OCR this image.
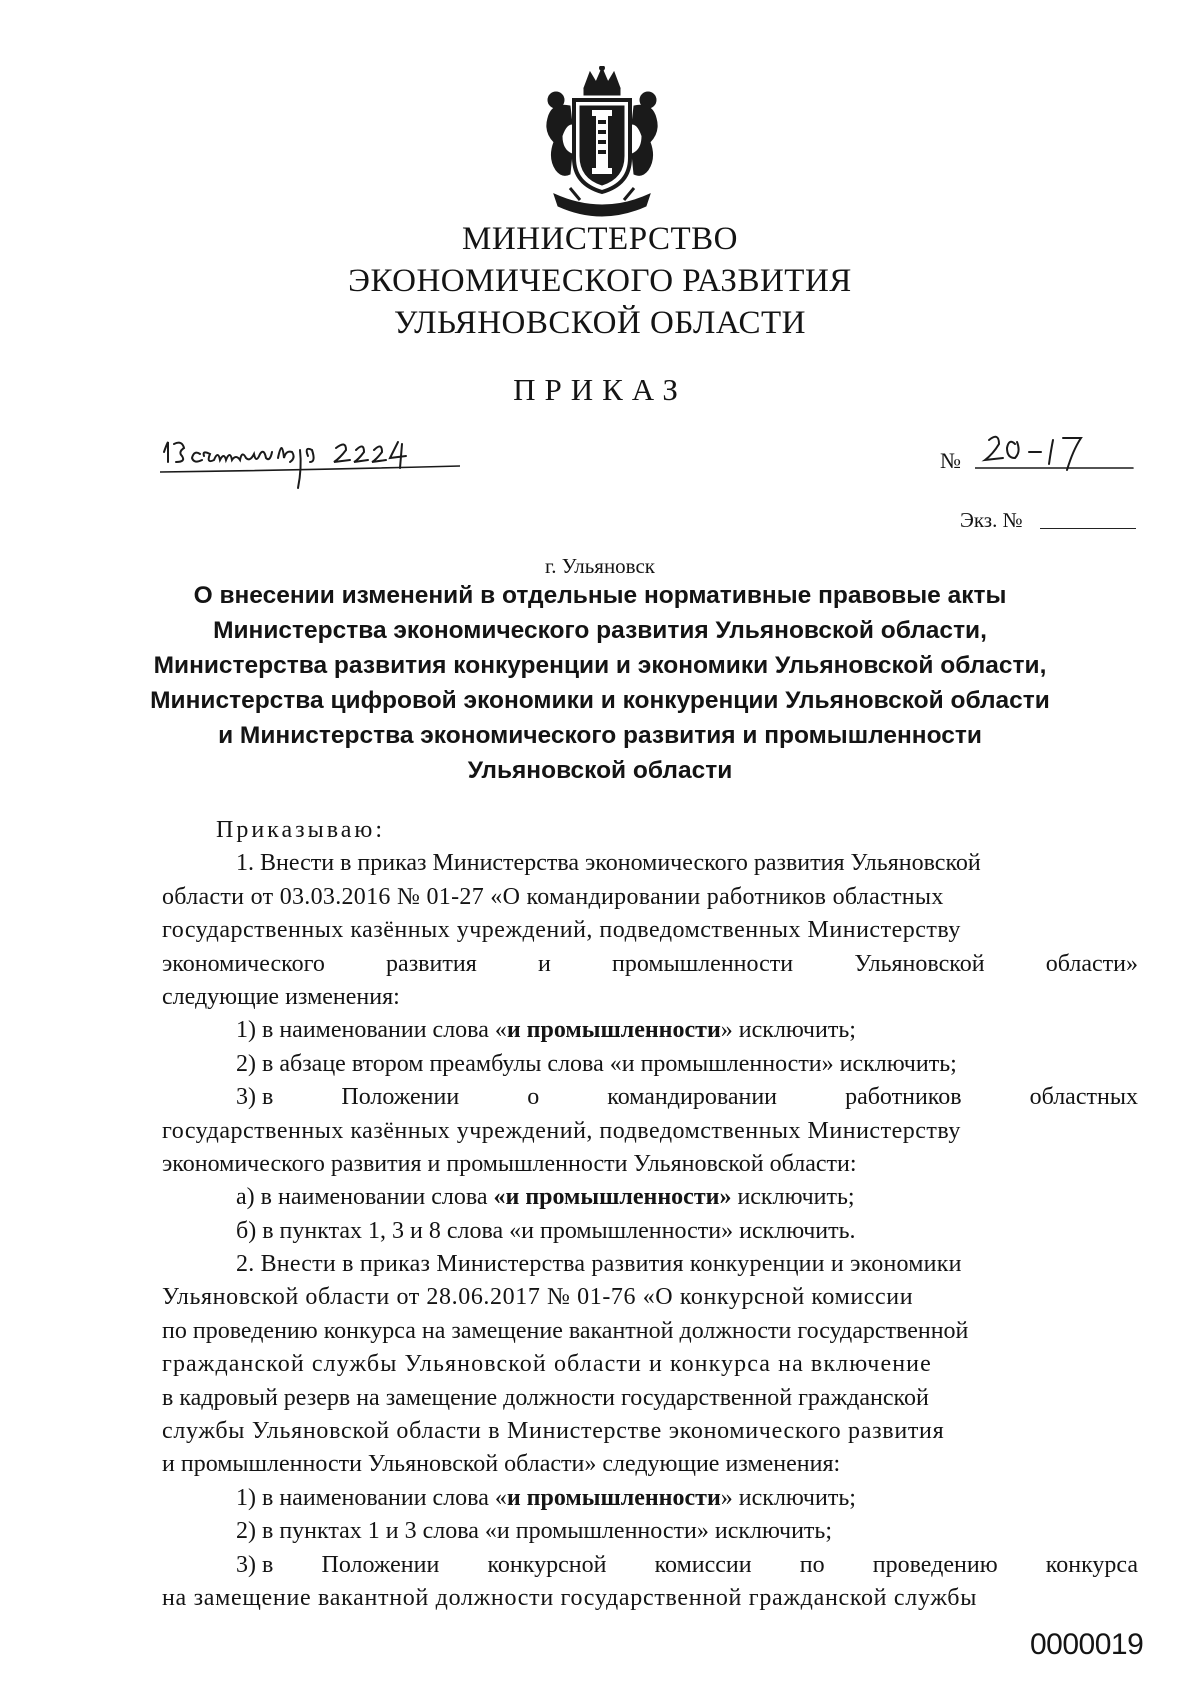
МИНИСТЕРСТВО
ЭКОНОМИЧЕСКОГО РАЗВИТИЯ
УЛЬЯНОВСКОЙ ОБЛАСТИ
ПРИКАЗ
№
Экз. №
г. Ульяновск
О внесении изменений в отдельные нормативные правовые акты
Министерства экономического развития Ульяновской области,
Министерства развития конкуренции и экономики Ульяновской области,
Министерства цифровой экономики и конкуренции Ульяновской области
и Министерства экономического развития и промышленности
Ульяновской области
Приказываю:
1. Внести в приказ Министерства экономического развития Ульяновской
области от 03.03.2016 № 01-27 «О командировании работников областных
государственных казённых учреждений, подведомственных Министерству
экономического	развития	и	промышленности	Ульяновской	области»
следующие изменения:
1) в наименовании слова «и промышленности» исключить;
2) в абзаце втором преамбулы слова «и промышленности» исключить;
3) в	Положении	о	командировании	работников	областных
государственных казённых учреждений, подведомственных Министерству
экономического развития и промышленности Ульяновской области:
а) в наименовании слова «и промышленности» исключить;
б) в пунктах 1, 3 и 8 слова «и промышленности» исключить.
2. Внести в приказ Министерства развития конкуренции и экономики
Ульяновской области от 28.06.2017 № 01-76 «О конкурсной комиссии
по проведению конкурса на замещение вакантной должности государственной
гражданской службы Ульяновской области и конкурса на включение
в кадровый резерв на замещение должности государственной гражданской
службы Ульяновской области в Министерстве экономического развития
и промышленности Ульяновской области» следующие изменения:
1) в наименовании слова «и промышленности» исключить;
2) в пунктах 1 и 3 слова «и промышленности» исключить;
3) в Положении конкурсной комиссии по проведению конкурса
на замещение вакантной должности государственной гражданской службы
0000019
